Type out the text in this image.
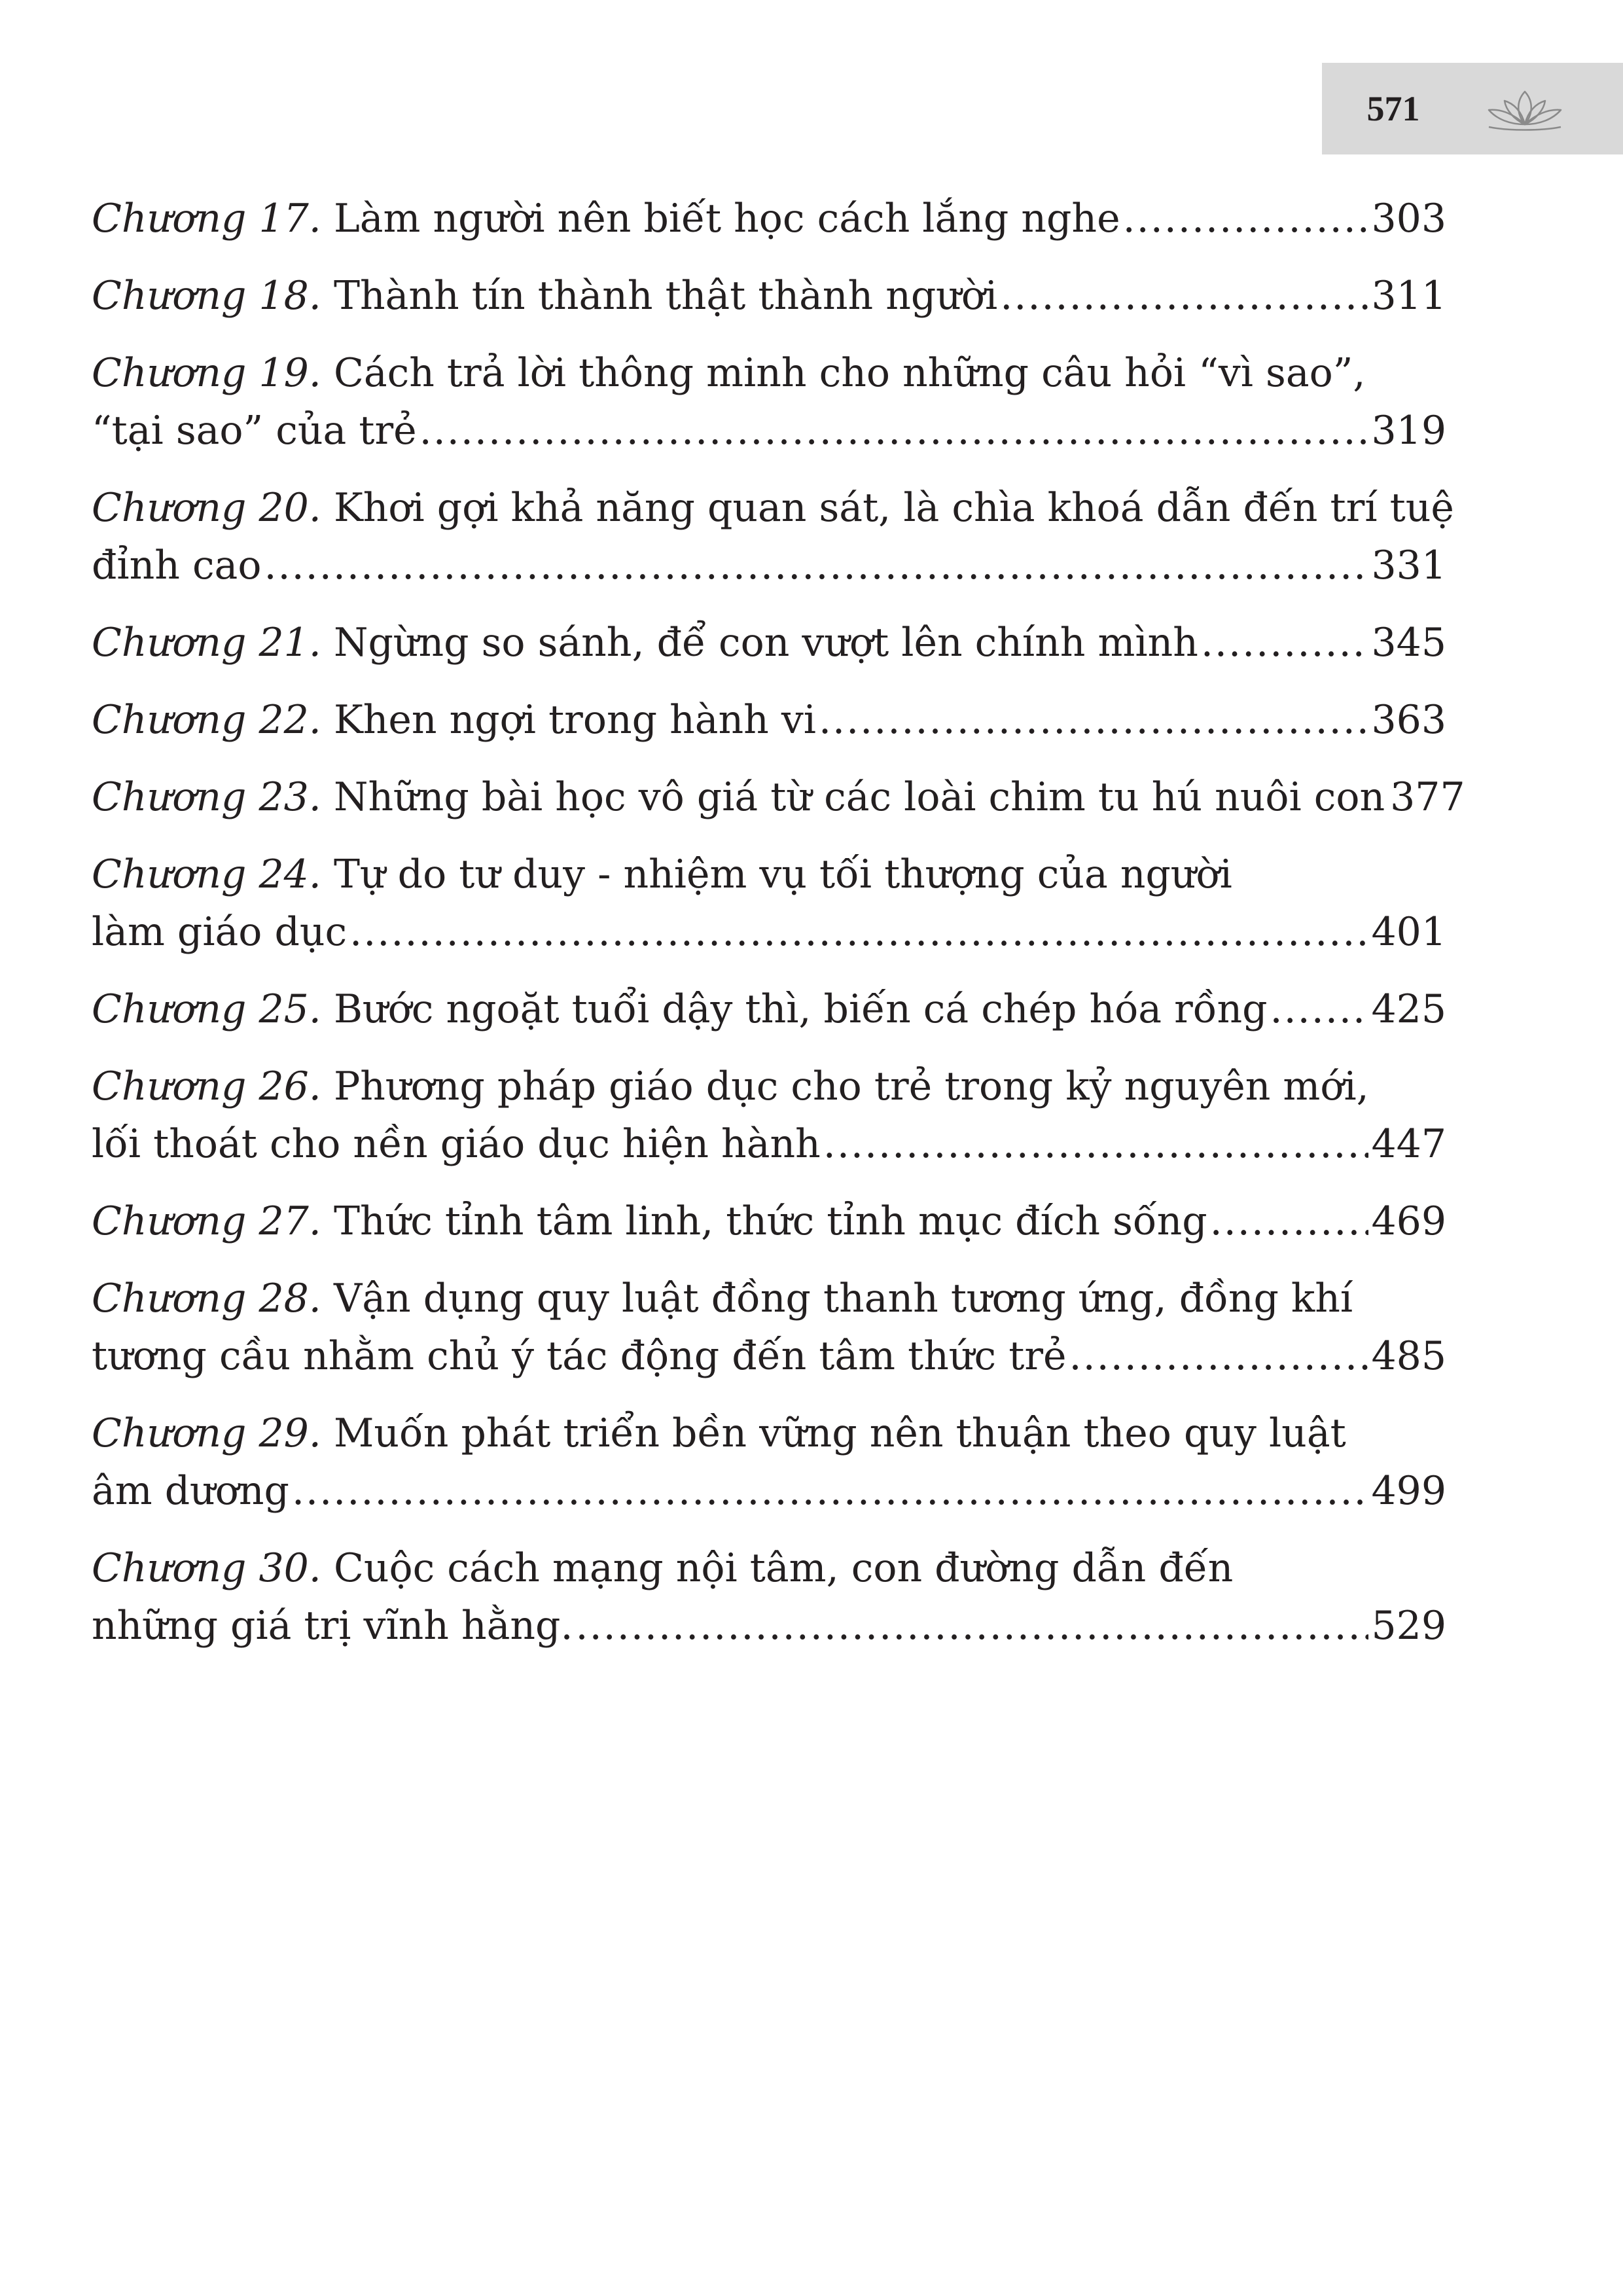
571
Chương 17.
Làm người nên biết học cách lắng nghe .....	303
Chương 18.
Thành tín thành thật thành người .....	311
Chương 19.
Cách trả lời thông minh cho những câu hỏi “vì sao”,
“tại sao” của trẻ .....	319
Chương 20.
Khơi gợi khả năng quan sát, là chìa khoá dẫn đến trí tuệ
đỉnh cao .....	331
Chương 21.
Ngừng so sánh, để con vượt lên chính mình .....	345
Chương 22.
Khen ngợi trong hành vi .....	363
Chương 23.
Những bài học vô giá từ các loài chim tu hú nuôi con 377
Chương 24.
Tự do tư duy - nhiệm vụ tối thượng của người
làm giáo dục .....	401
Chương 25.
Bước ngoặt tuổi dậy thì, biến cá chép hóa rồng .....	425
Chương 26.
Phương pháp giáo dục cho trẻ trong kỷ nguyên mới,
lối thoát cho nền giáo dục hiện hành .....	447
Chương 27.
Thức tỉnh tâm linh, thức tỉnh mục đích sống .....	469
Chương 28.
Vận dụng quy luật đồng thanh tương ứng, đồng khí
tương cầu nhằm chủ ý tác động đến tâm thức trẻ .....	485
Chương 29.
Muốn phát triển bền vững nên thuận theo quy luật
âm dương .....	499
Chương 30.
Cuộc cách mạng nội tâm, con đường dẫn đến
những giá trị vĩnh hằng. .....	529
